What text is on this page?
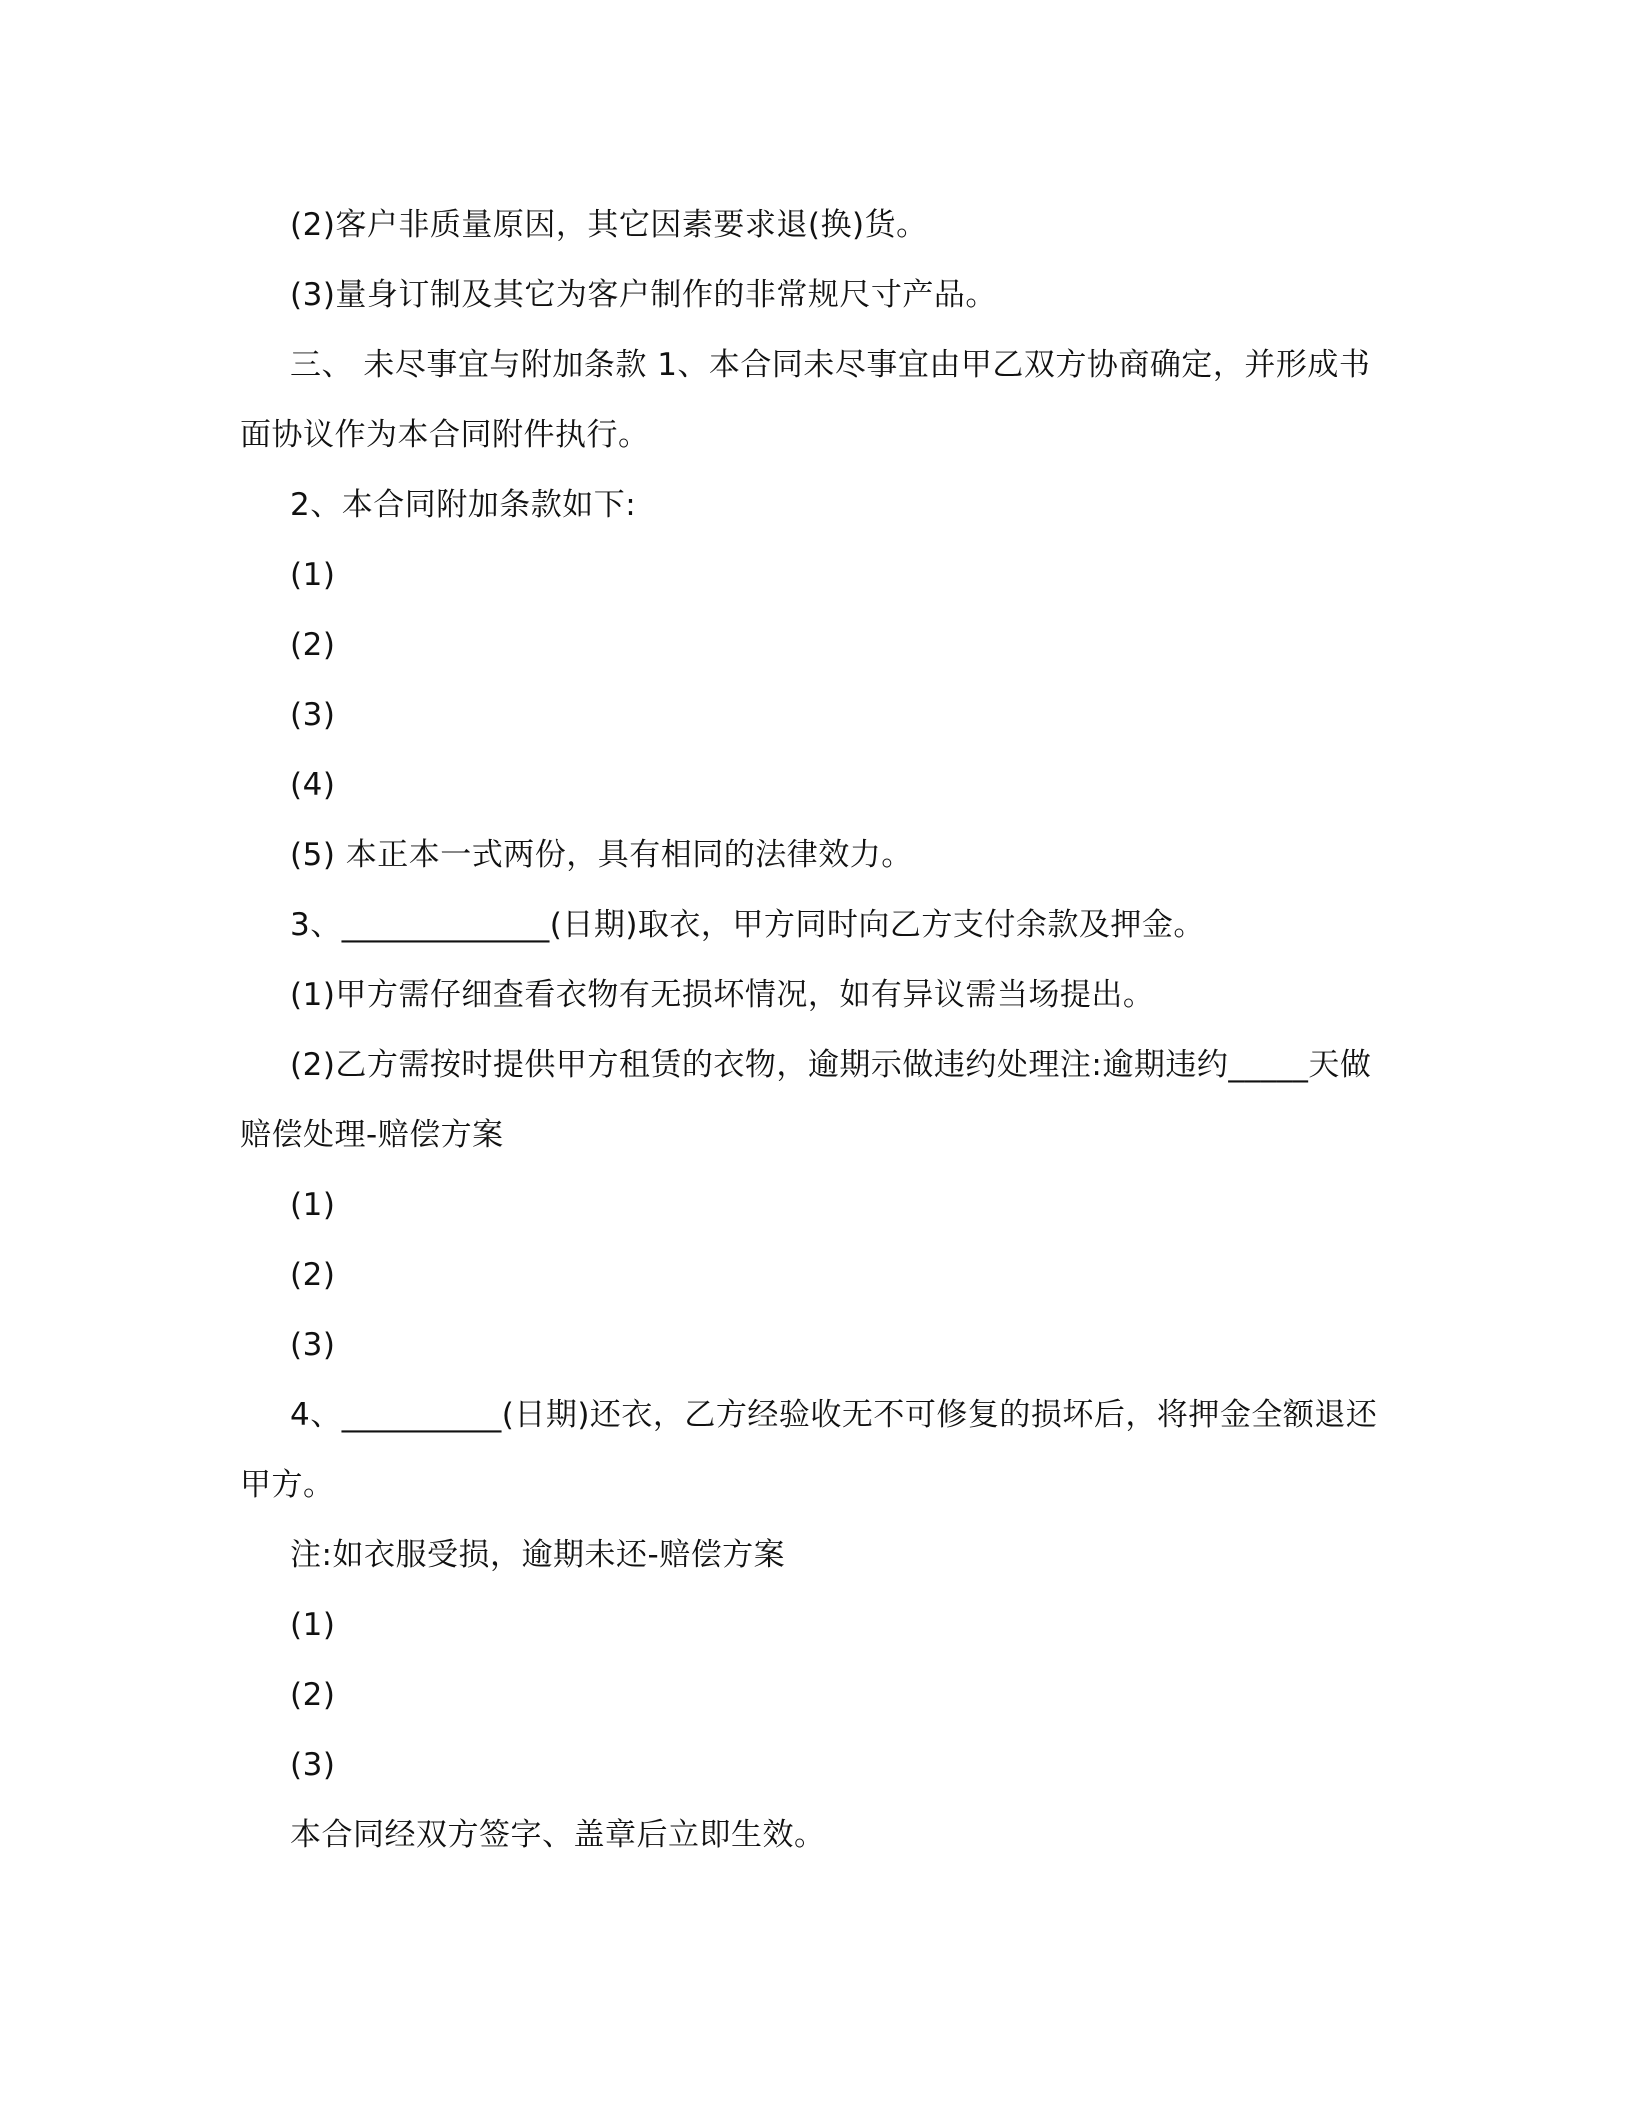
(2)客户非质量原因，其它因素要求退(换)货。

(3)量身订制及其它为客户制作的非常规尺寸产品。

三、 未尽事宜与附加条款 1、本合同未尽事宜由甲乙双方协商确定，并形成书面协议作为本合同附件执行。

2、本合同附加条款如下:

(1)

(2)

(3)

(4)

(5) 本正本一式两份，具有相同的法律效力。

3、_____________(日期)取衣，甲方同时向乙方支付余款及押金。

(1)甲方需仔细查看衣物有无损坏情况，如有异议需当场提出。

(2)乙方需按时提供甲方租赁的衣物，逾期示做违约处理注:逾期违约_____天做赔偿处理-赔偿方案

(1)

(2)

(3)

4、__________(日期)还衣，乙方经验收无不可修复的损坏后，将押金全额退还甲方。

注:如衣服受损，逾期未还-赔偿方案

(1)

(2)

(3)

本合同经双方签字、盖章后立即生效。
